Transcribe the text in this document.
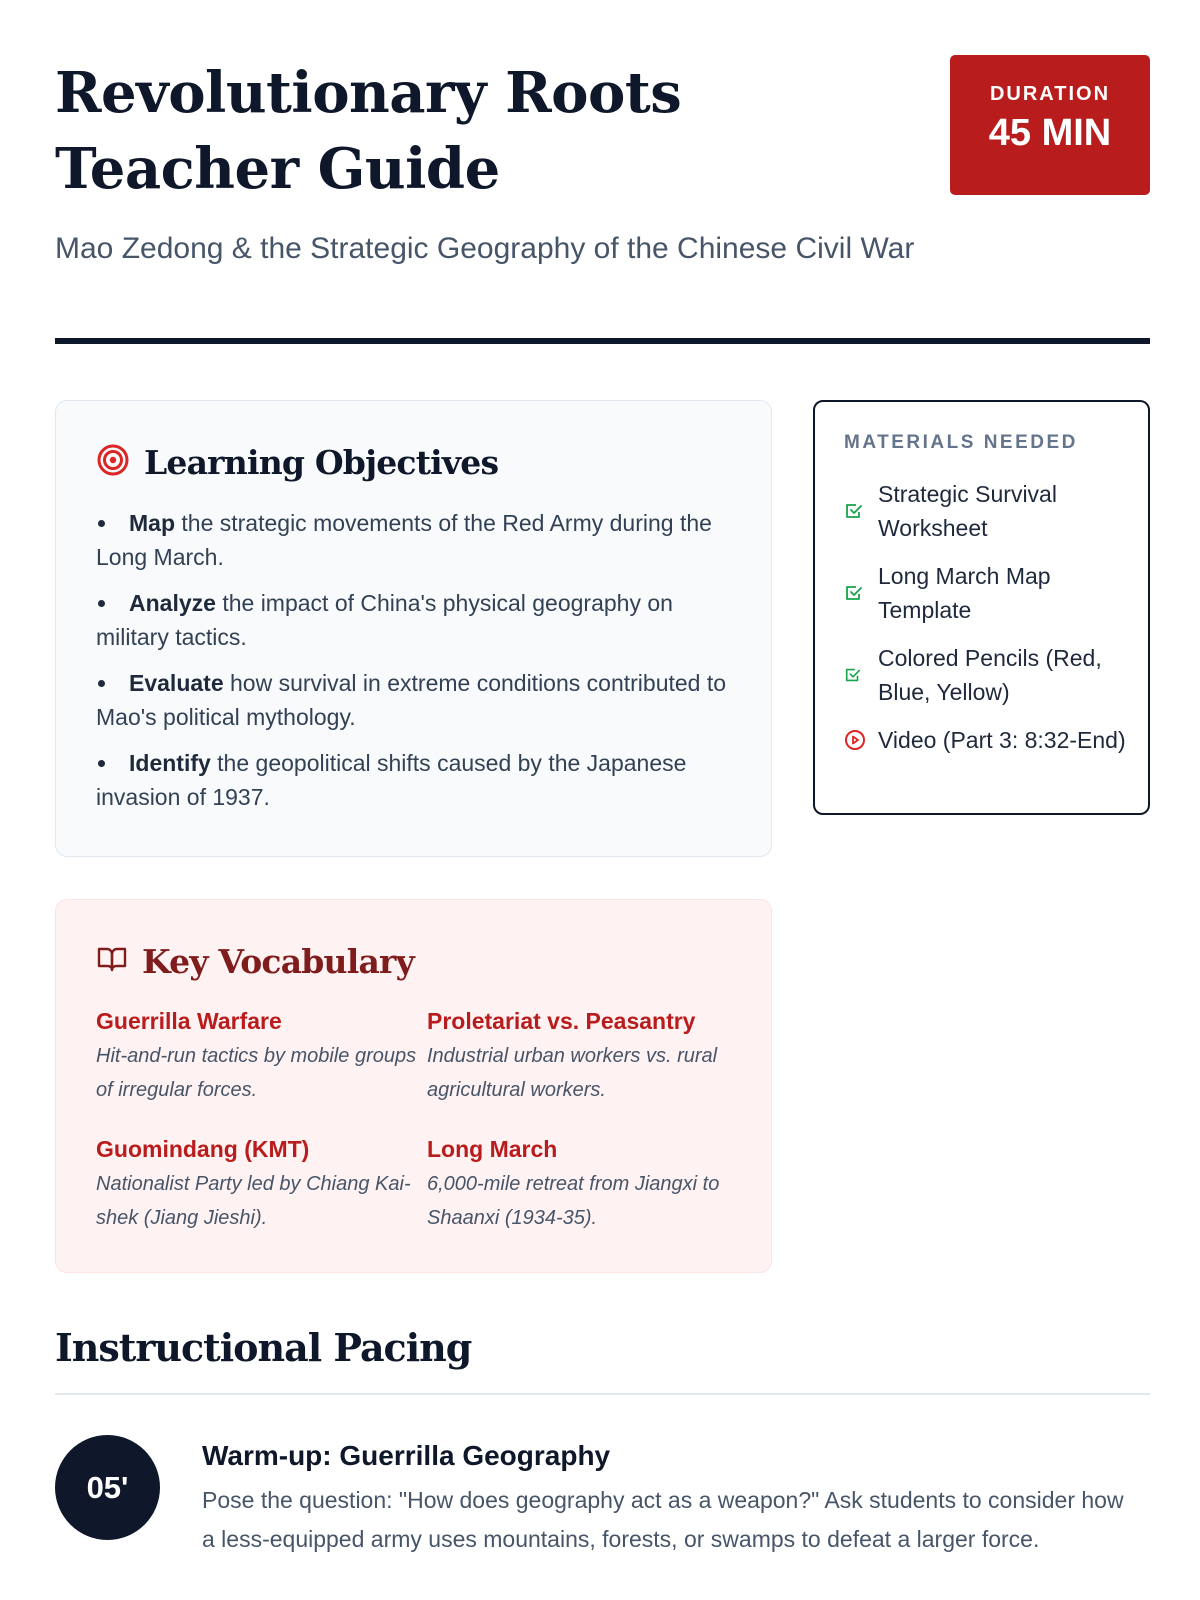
Revolutionary Roots Teacher Guide
Mao Zedong & the Strategic Geography of the Chinese Civil War
DURATION
45 MIN
Learning Objectives
Map the strategic movements of the Red Army during the Long March.
Analyze the impact of China's physical geography on military tactics.
Evaluate how survival in extreme conditions contributed to Mao's political mythology.
Identify the geopolitical shifts caused by the Japanese invasion of 1937.
MATERIALS NEEDED
Strategic Survival Worksheet
Long March Map Template
Colored Pencils (Red, Blue, Yellow)
Video (Part 3: 8:32-End)
Key Vocabulary
Guerrilla Warfare
Hit-and-run tactics by mobile groups of irregular forces.
Proletariat vs. Peasantry
Industrial urban workers vs. rural agricultural workers.
Guomindang (KMT)
Nationalist Party led by Chiang Kai-shek (Jiang Jieshi).
Long March
6,000-mile retreat from Jiangxi to Shaanxi (1934-35).
Instructional Pacing
05'
Warm-up: Guerrilla Geography
Pose the question: "How does geography act as a weapon?" Ask students to consider how a less-equipped army uses mountains, forests, or swamps to defeat a larger force.
